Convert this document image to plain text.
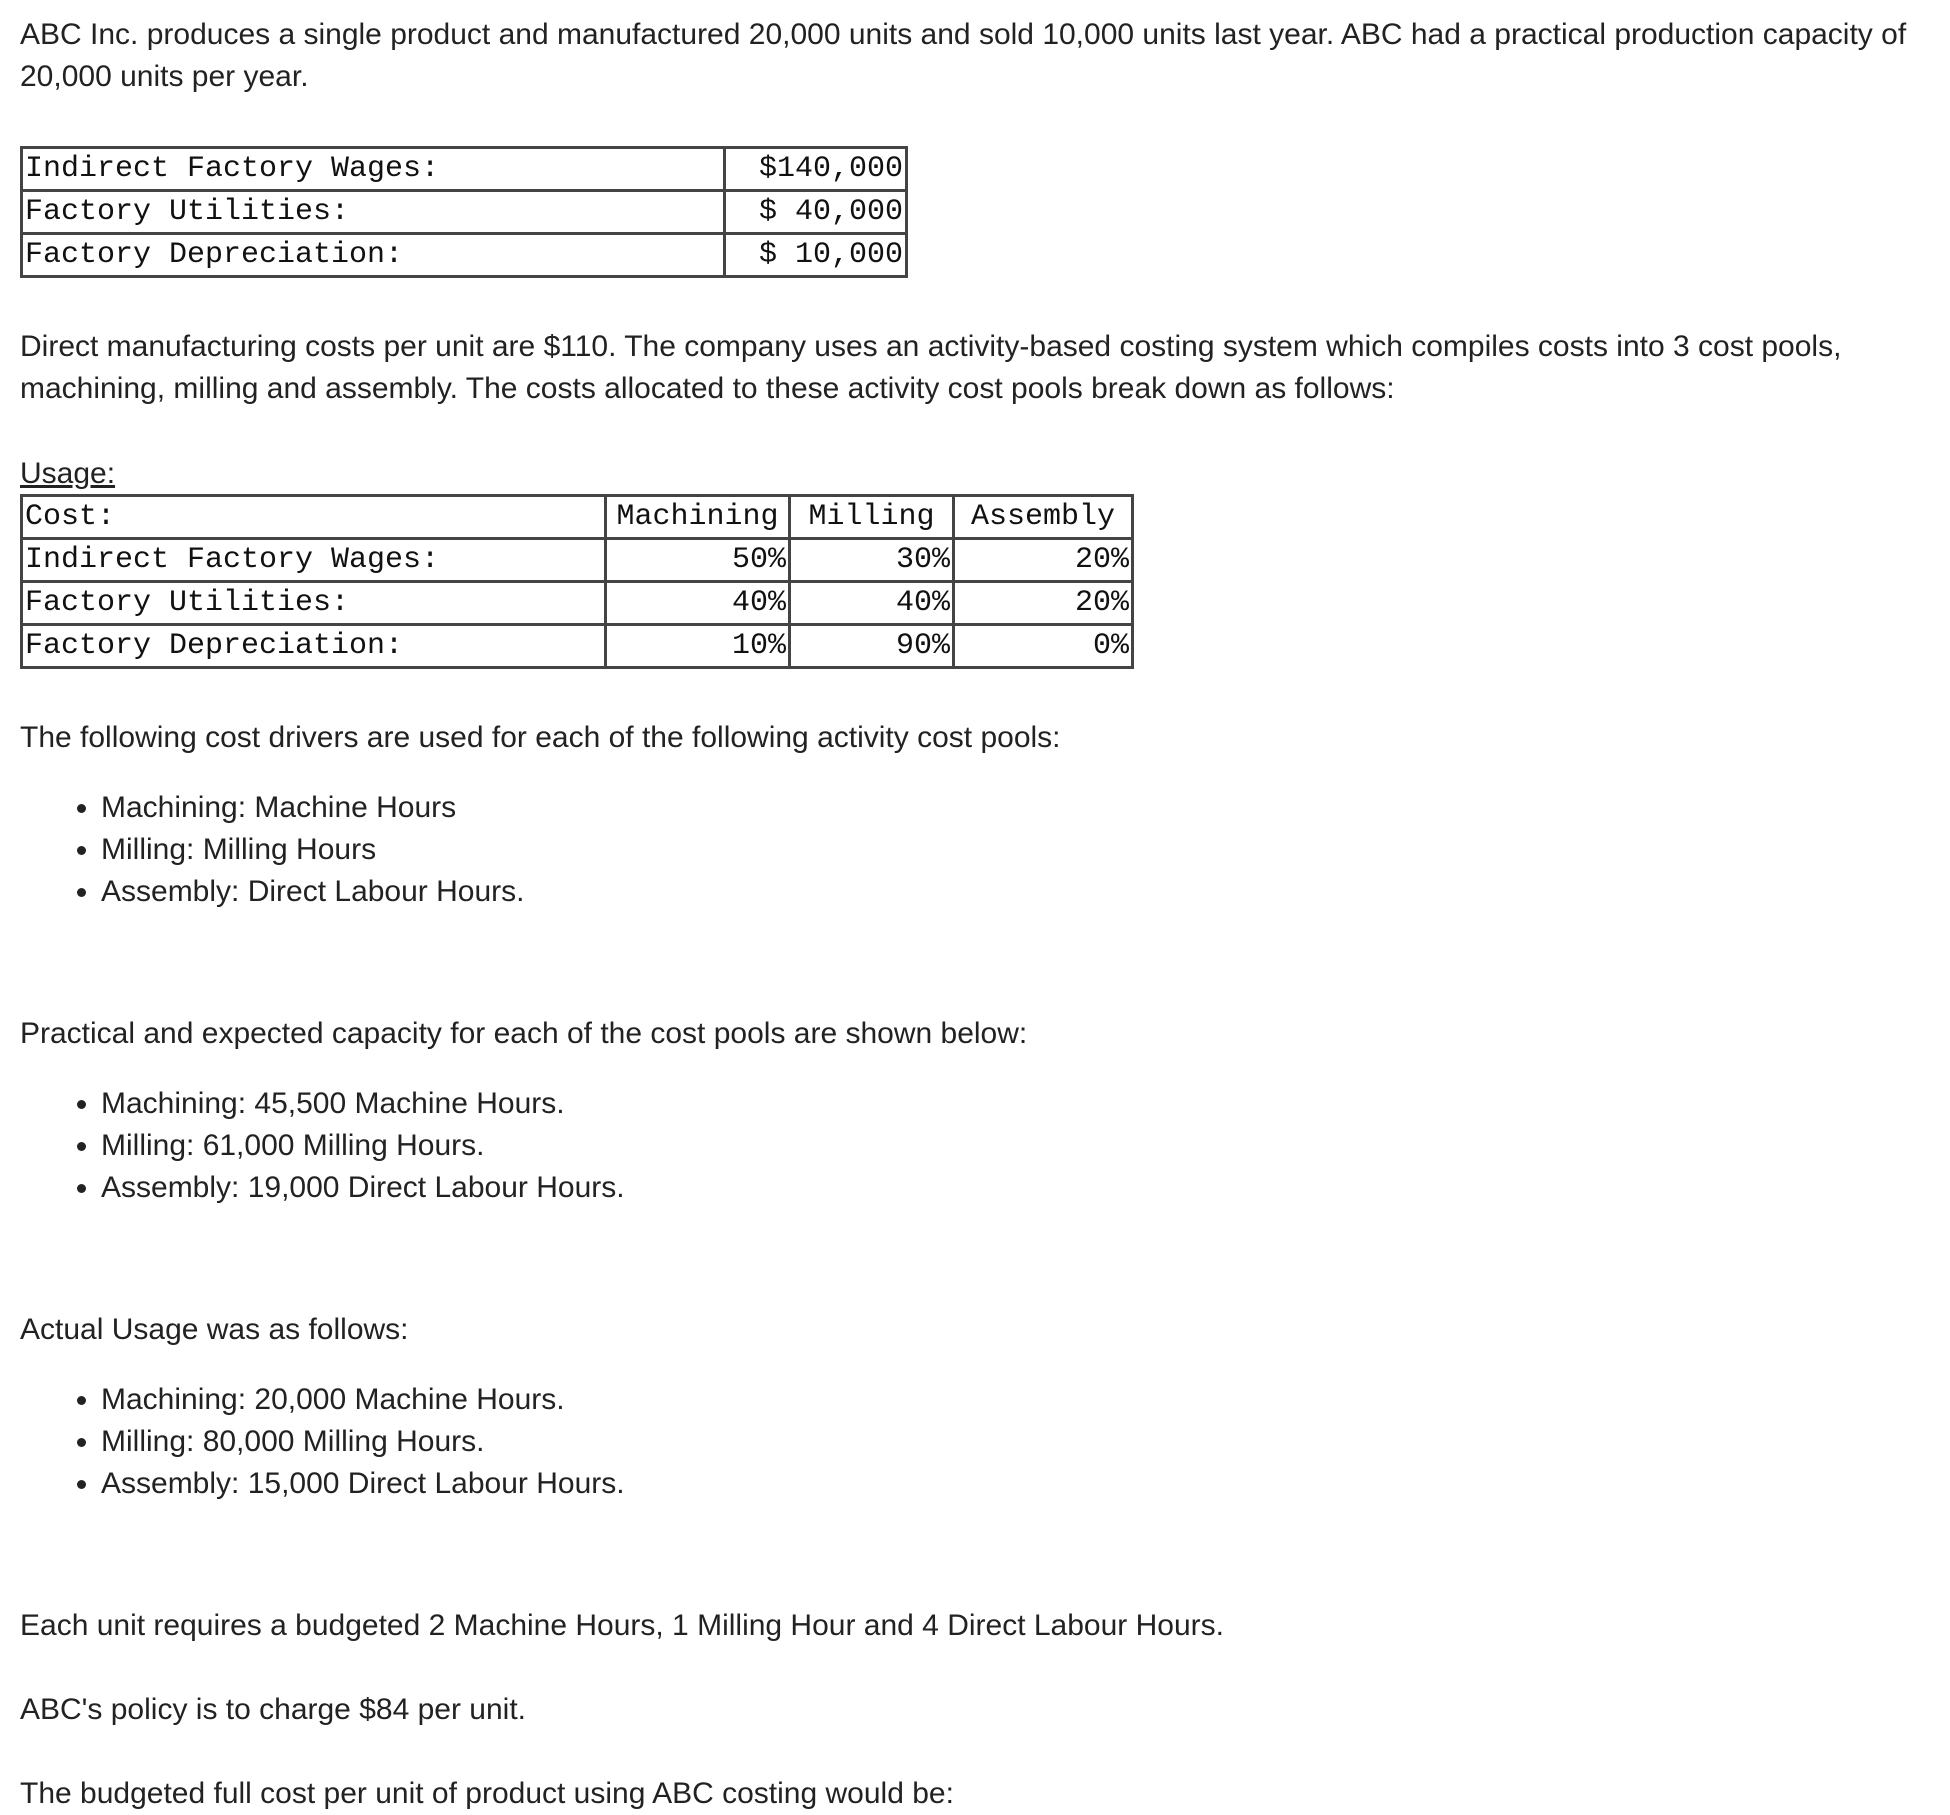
ABC Inc. produces a single product and manufactured 20,000 units and sold 10,000 units last year. ABC had a practical production capacity of 20,000 units per year.

Indirect Factory Wages:	$140,000
Factory Utilities:	$ 40,000
Factory Depreciation:	$ 10,000

Direct manufacturing costs per unit are $110. The company uses an activity-based costing system which compiles costs into 3 cost pools, machining, milling and assembly. The costs allocated to these activity cost pools break down as follows:

Usage:
Cost:	Machining	Milling	Assembly
Indirect Factory Wages:	50%	30%	20%
Factory Utilities:	40%	40%	20%
Factory Depreciation:	10%	90%	0%

The following cost drivers are used for each of the following activity cost pools:

• Machining: Machine Hours
• Milling: Milling Hours
• Assembly: Direct Labour Hours.

Practical and expected capacity for each of the cost pools are shown below:

• Machining: 45,500 Machine Hours.
• Milling: 61,000 Milling Hours.
• Assembly: 19,000 Direct Labour Hours.

Actual Usage was as follows:

• Machining: 20,000 Machine Hours.
• Milling: 80,000 Milling Hours.
• Assembly: 15,000 Direct Labour Hours.

Each unit requires a budgeted 2 Machine Hours, 1 Milling Hour and 4 Direct Labour Hours.

ABC's policy is to charge $84 per unit.

The budgeted full cost per unit of product using ABC costing would be:
